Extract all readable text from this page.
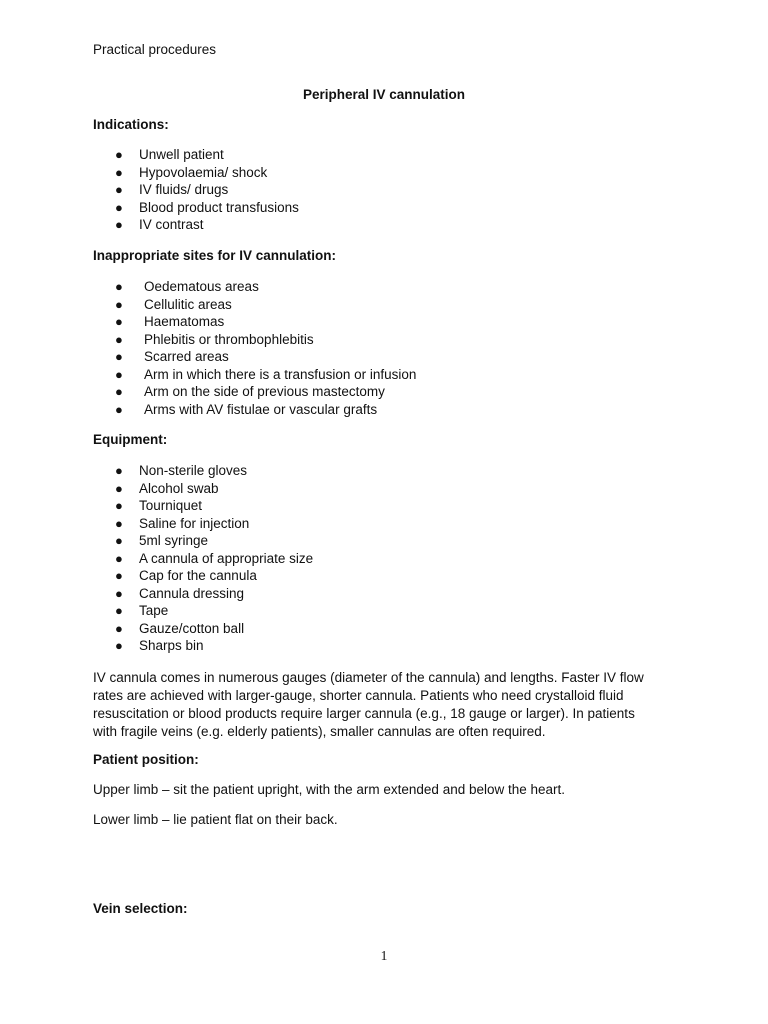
Practical procedures
Peripheral IV cannulation
Indications:
● Unwell patient
● Hypovolaemia/ shock
● IV fluids/ drugs
● Blood product transfusions
● IV contrast
Inappropriate sites for IV cannulation:
● Oedematous areas
● Cellulitic areas
● Haematomas
● Phlebitis or thrombophlebitis
● Scarred areas
● Arm in which there is a transfusion or infusion
● Arm on the side of previous mastectomy
● Arms with AV fistulae or vascular grafts
Equipment:
● Non-sterile gloves
● Alcohol swab
● Tourniquet
● Saline for injection
● 5ml syringe
● A cannula of appropriate size
● Cap for the cannula
● Cannula dressing
● Tape
● Gauze/cotton ball
● Sharps bin
IV cannula comes in numerous gauges (diameter of the cannula) and lengths. Faster IV flow
rates are achieved with larger-gauge, shorter cannula. Patients who need crystalloid fluid
resuscitation or blood products require larger cannula (e.g., 18 gauge or larger). In patients
with fragile veins (e.g. elderly patients), smaller cannulas are often required.
Patient position:
Upper limb – sit the patient upright, with the arm extended and below the heart.
Lower limb – lie patient flat on their back.
Vein selection:
1
